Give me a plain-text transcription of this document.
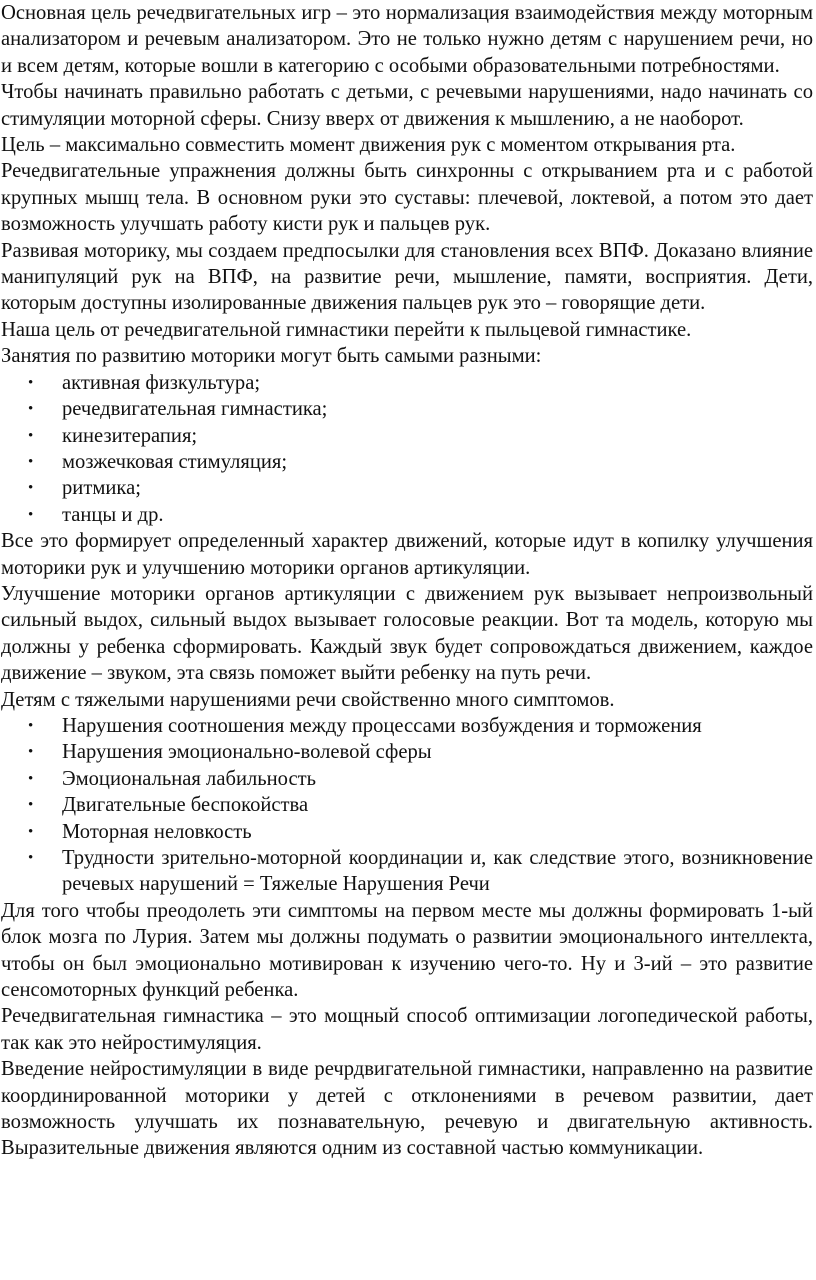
Основная цель речедвигательных игр – это нормализация взаимодействия между моторным анализатором и речевым анализатором. Это не только нужно детям с нарушением речи, но и всем детям, которые вошли в категорию с особыми образовательными потребностями.

Чтобы начинать правильно работать с детьми, с речевыми нарушениями, надо начинать со стимуляции моторной сферы. Снизу вверх от движения к мышлению, а не наоборот.

Цель – максимально совместить момент движения рук с моментом открывания рта.

Речедвигательные упражнения должны быть синхронны с открыванием рта и с работой крупных мышц тела. В основном руки это суставы: плечевой, локтевой, а потом это дает возможность улучшать работу кисти рук и пальцев рук.

Развивая моторику, мы создаем предпосылки для становления всех ВПФ. Доказано влияние манипуляций рук на ВПФ, на развитие речи, мышление, памяти, восприятия. Дети, которым доступны изолированные движения пальцев рук это – говорящие дети.

Наша цель от речедвигательной гимнастики перейти к пыльцевой гимнастике.

Занятия по развитию моторики могут быть самыми разными:

• активная физкультура;
• речедвигательная гимнастика;
• кинезитерапия;
• мозжечковая стимуляция;
• ритмика;
• танцы и др.

Все это формирует определенный характер движений, которые идут в копилку улучшения моторики рук и улучшению моторики органов артикуляции.

Улучшение моторики органов артикуляции с движением рук вызывает непроизвольный сильный выдох, сильный выдох вызывает голосовые реакции. Вот та модель, которую мы должны у ребенка сформировать. Каждый звук будет сопровождаться движением, каждое движение – звуком, эта связь поможет выйти ребенку на путь речи.

Детям с тяжелыми нарушениями речи свойственно много симптомов.

• Нарушения соотношения между процессами возбуждения и торможения
• Нарушения эмоционально-волевой сферы
• Эмоциональная лабильность
• Двигательные беспокойства
• Моторная неловкость
• Трудности зрительно-моторной координации и, как следствие этого, возникновение речевых нарушений = Тяжелые Нарушения Речи

Для того чтобы преодолеть эти симптомы на первом месте мы должны формировать 1-ый блок мозга по Лурия. Затем мы должны подумать о развитии эмоционального интеллекта, чтобы он был эмоционально мотивирован к изучению чего-то. Ну и 3-ий – это развитие сенсомоторных функций ребенка.

Речедвигательная гимнастика – это мощный способ оптимизации логопедической работы, так как это нейростимуляция.

Введение нейростимуляции в виде речрдвигательной гимнастики, направленно на развитие координированной моторики у детей с отклонениями в речевом развитии, дает возможность улучшать их познавательную, речевую и двигательную активность. Выразительные движения являются одним из составной частью коммуникации.
